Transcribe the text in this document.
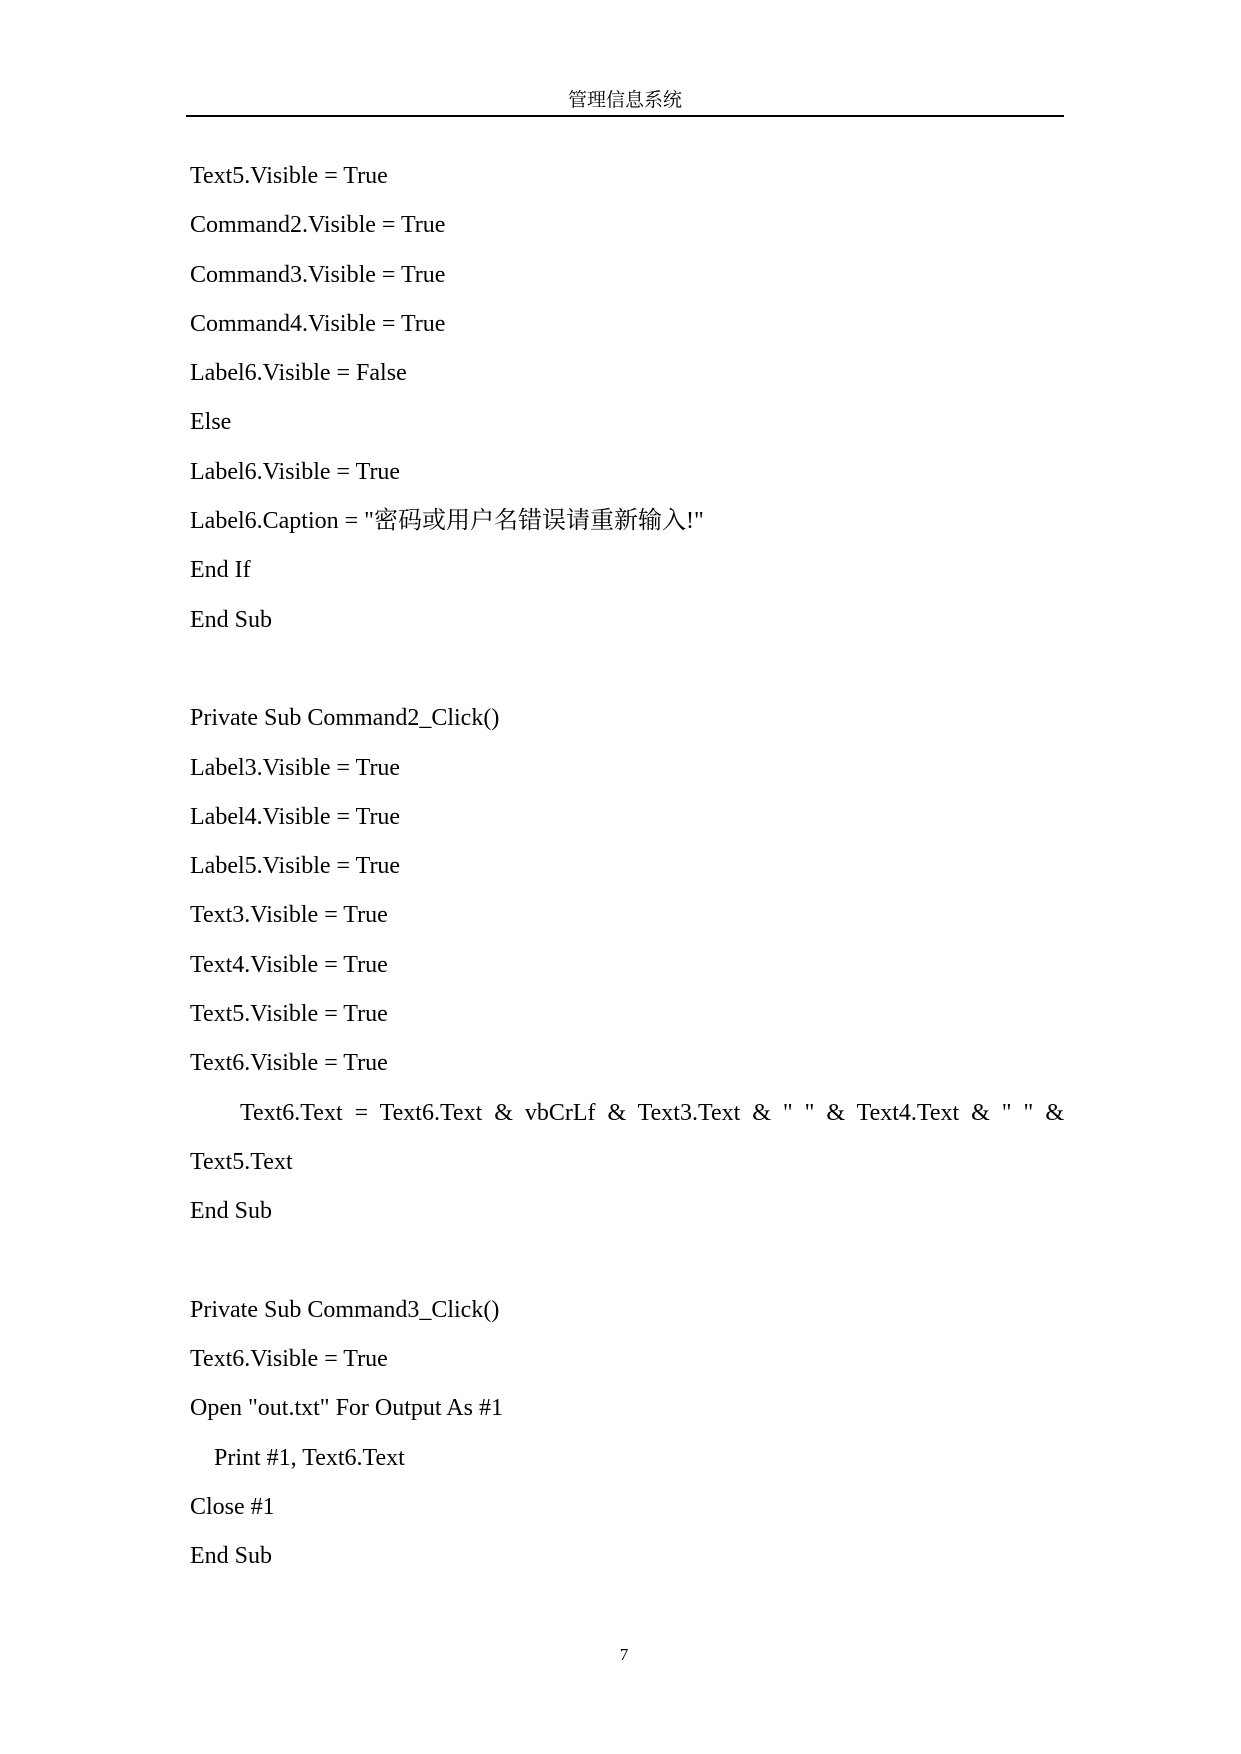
管理信息系统
Text5.Visible = True
Command2.Visible = True
Command3.Visible = True
Command4.Visible = True
Label6.Visible = False
Else
Label6.Visible = True
Label6.Caption = "密码或用户名错误请重新输入!"
End If
End Sub
Private Sub Command2_Click()
Label3.Visible = True
Label4.Visible = True
Label5.Visible = True
Text3.Visible = True
Text4.Visible = True
Text5.Visible = True
Text6.Visible = True
Text6.Text = Text6.Text & vbCrLf & Text3.Text & " " & Text4.Text & " " &
Text5.Text
End Sub
Private Sub Command3_Click()
Text6.Visible = True
Open "out.txt" For Output As #1
Print #1, Text6.Text
Close #1
End Sub
7
